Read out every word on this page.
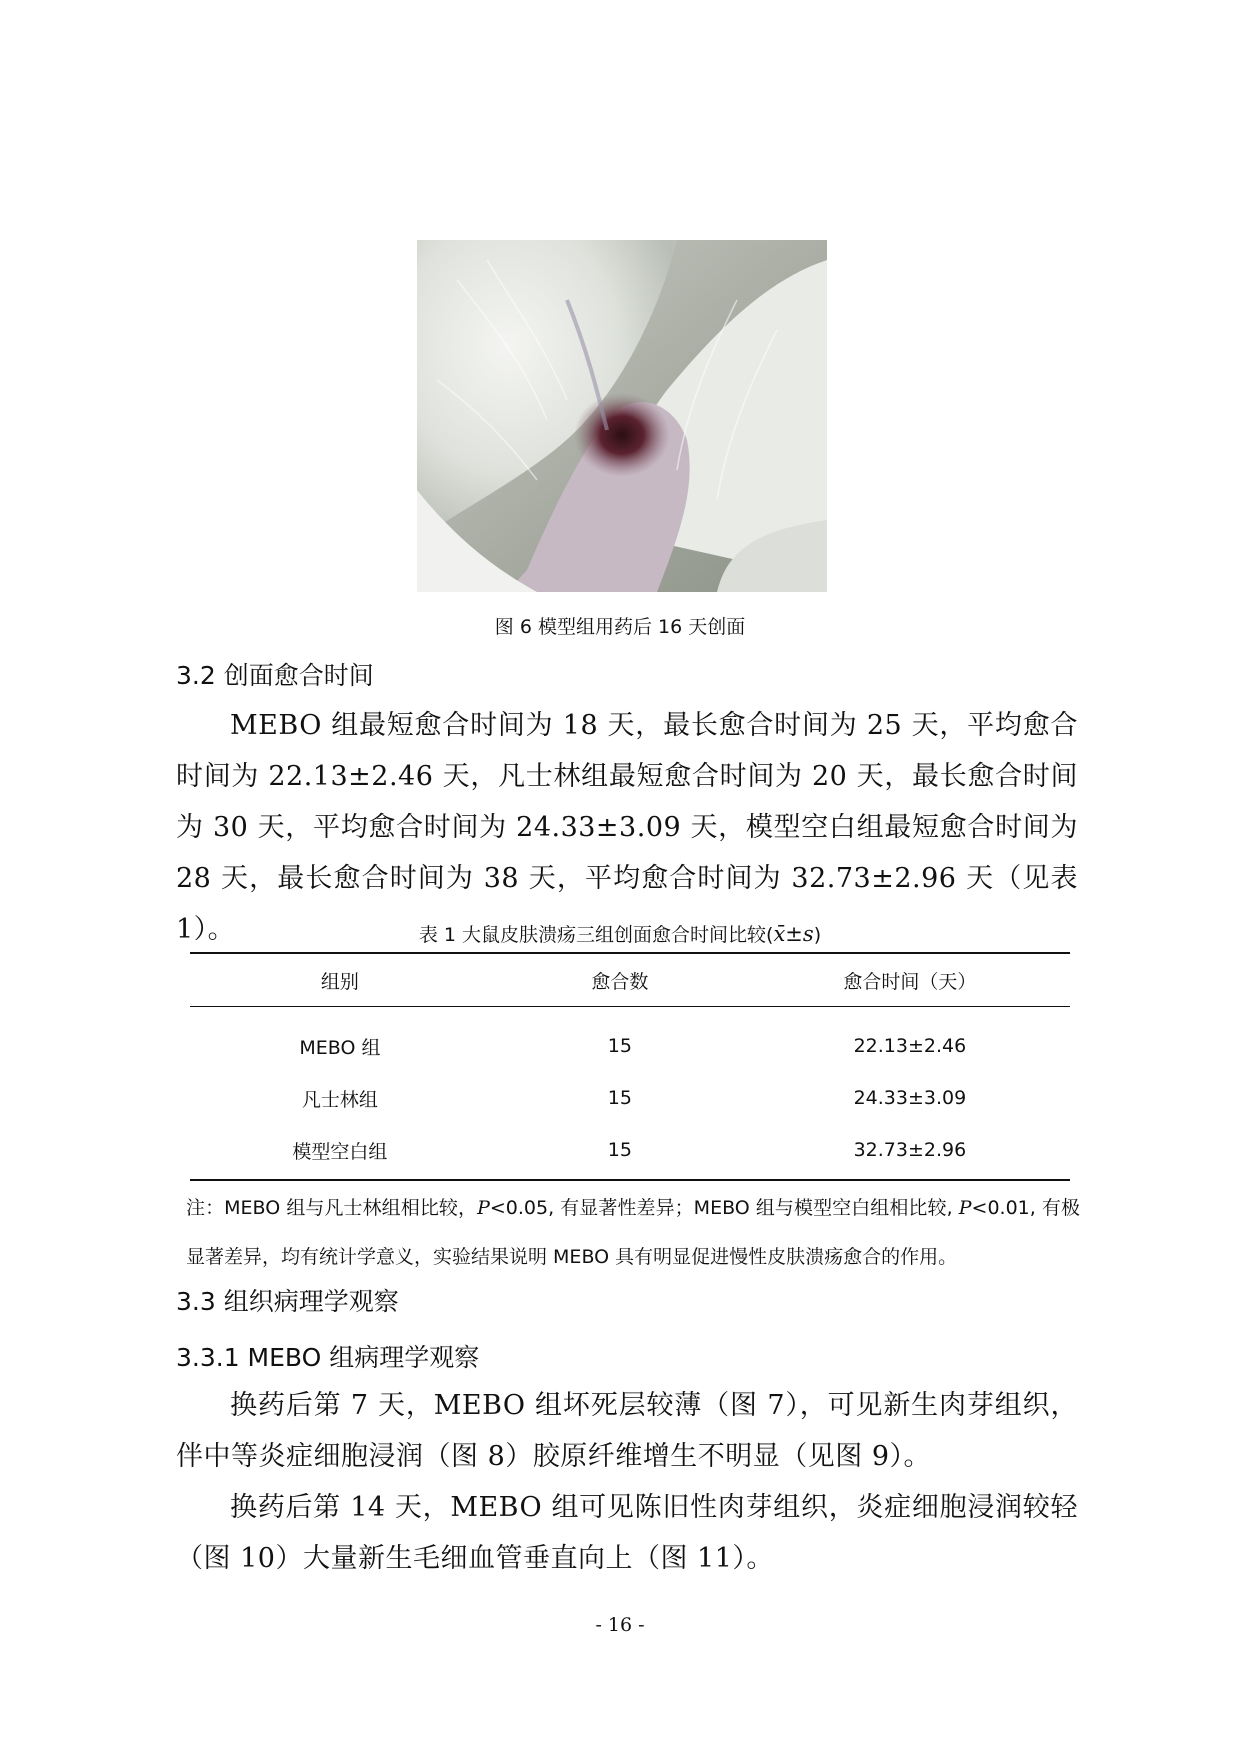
图 6 模型组用药后 16 天创面
3.2 创面愈合时间
MEBO 组最短愈合时间为 18 天，最长愈合时间为 25 天，平均愈合时间为 22.13±2.46 天，凡士林组最短愈合时间为 20 天，最长愈合时间为 30 天，平均愈合时间为 24.33±3.09 天，模型空白组最短愈合时间为 28 天，最长愈合时间为 38 天，平均愈合时间为 32.73±2.96 天（见表 1）。	表 1 大鼠皮肤溃疡三组创面愈合时间比较(x̄±s)
组别	愈合数	愈合时间（天）
MEBO 组	15	22.13±2.46
凡士林组	15	24.33±3.09
模型空白组	15	32.73±2.96
注：MEBO 组与凡士林组相比较，P<0.05, 有显著性差异；MEBO 组与模型空白组相比较, P<0.01, 有极显著差异，均有统计学意义，实验结果说明 MEBO 具有明显促进慢性皮肤溃疡愈合的作用。
3.3 组织病理学观察
3.3.1 MEBO 组病理学观察
换药后第 7 天，MEBO 组坏死层较薄（图 7），可见新生肉芽组织，伴中等炎症细胞浸润（图 8）胶原纤维增生不明显（见图 9）。
换药后第 14 天，MEBO 组可见陈旧性肉芽组织，炎症细胞浸润较轻（图 10）大量新生毛细血管垂直向上（图 11）。
- 16 -
